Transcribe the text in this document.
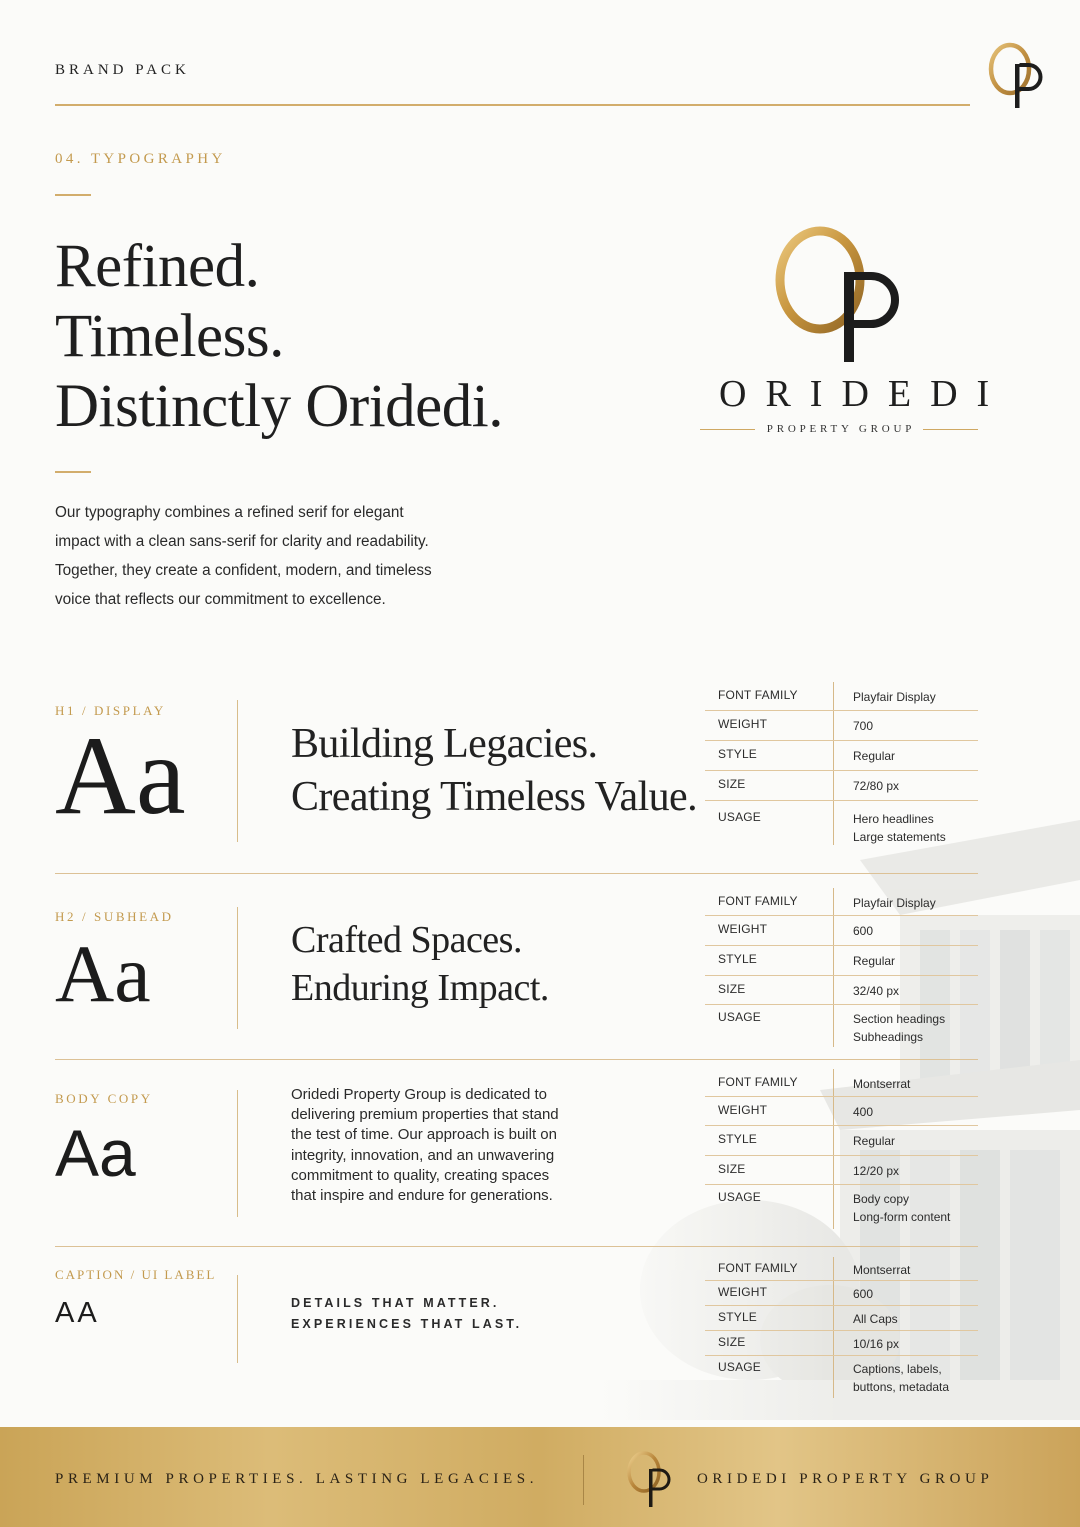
BRAND PACK
04. TYPOGRAPHY
Refined.
Timeless.
Distinctly Oridedi.
Our typography combines a refined serif for elegant impact with a clean sans-serif for clarity and readability. Together, they create a confident, modern, and timeless voice that reflects our commitment to excellence.
ORIDEDI
PROPERTY GROUP
H1 / DISPLAY
Aa	Building Legacies.
Creating Timeless Value.
FONT FAMILY	Playfair Display
WEIGHT	700
STYLE	Regular
SIZE	72/80 px
USAGE	Hero headlines
Large statements
H2 / SUBHEAD
Aa	Crafted Spaces.
Enduring Impact.
FONT FAMILY	Playfair Display
WEIGHT	600
STYLE	Regular
SIZE	32/40 px
USAGE	Section headings
Subheadings
BODY COPY
Aa
Oridedi Property Group is dedicated to
delivering premium properties that stand
the test of time. Our approach is built on
integrity, innovation, and an unwavering
commitment to quality, creating spaces
that inspire and endure for generations.
FONT FAMILY	Montserrat
WEIGHT	400
STYLE	Regular
SIZE	12/20 px
USAGE	Body copy
Long-form content
CAPTION / UI LABEL
AA	DETAILS THAT MATTER.
EXPERIENCES THAT LAST.
FONT FAMILY	Montserrat
WEIGHT	600
STYLE	All Caps
SIZE	10/16 px
USAGE	Captions, labels,
buttons, metadata
PREMIUM PROPERTIES. LASTING LEGACIES.	ORIDEDI PROPERTY GROUP
